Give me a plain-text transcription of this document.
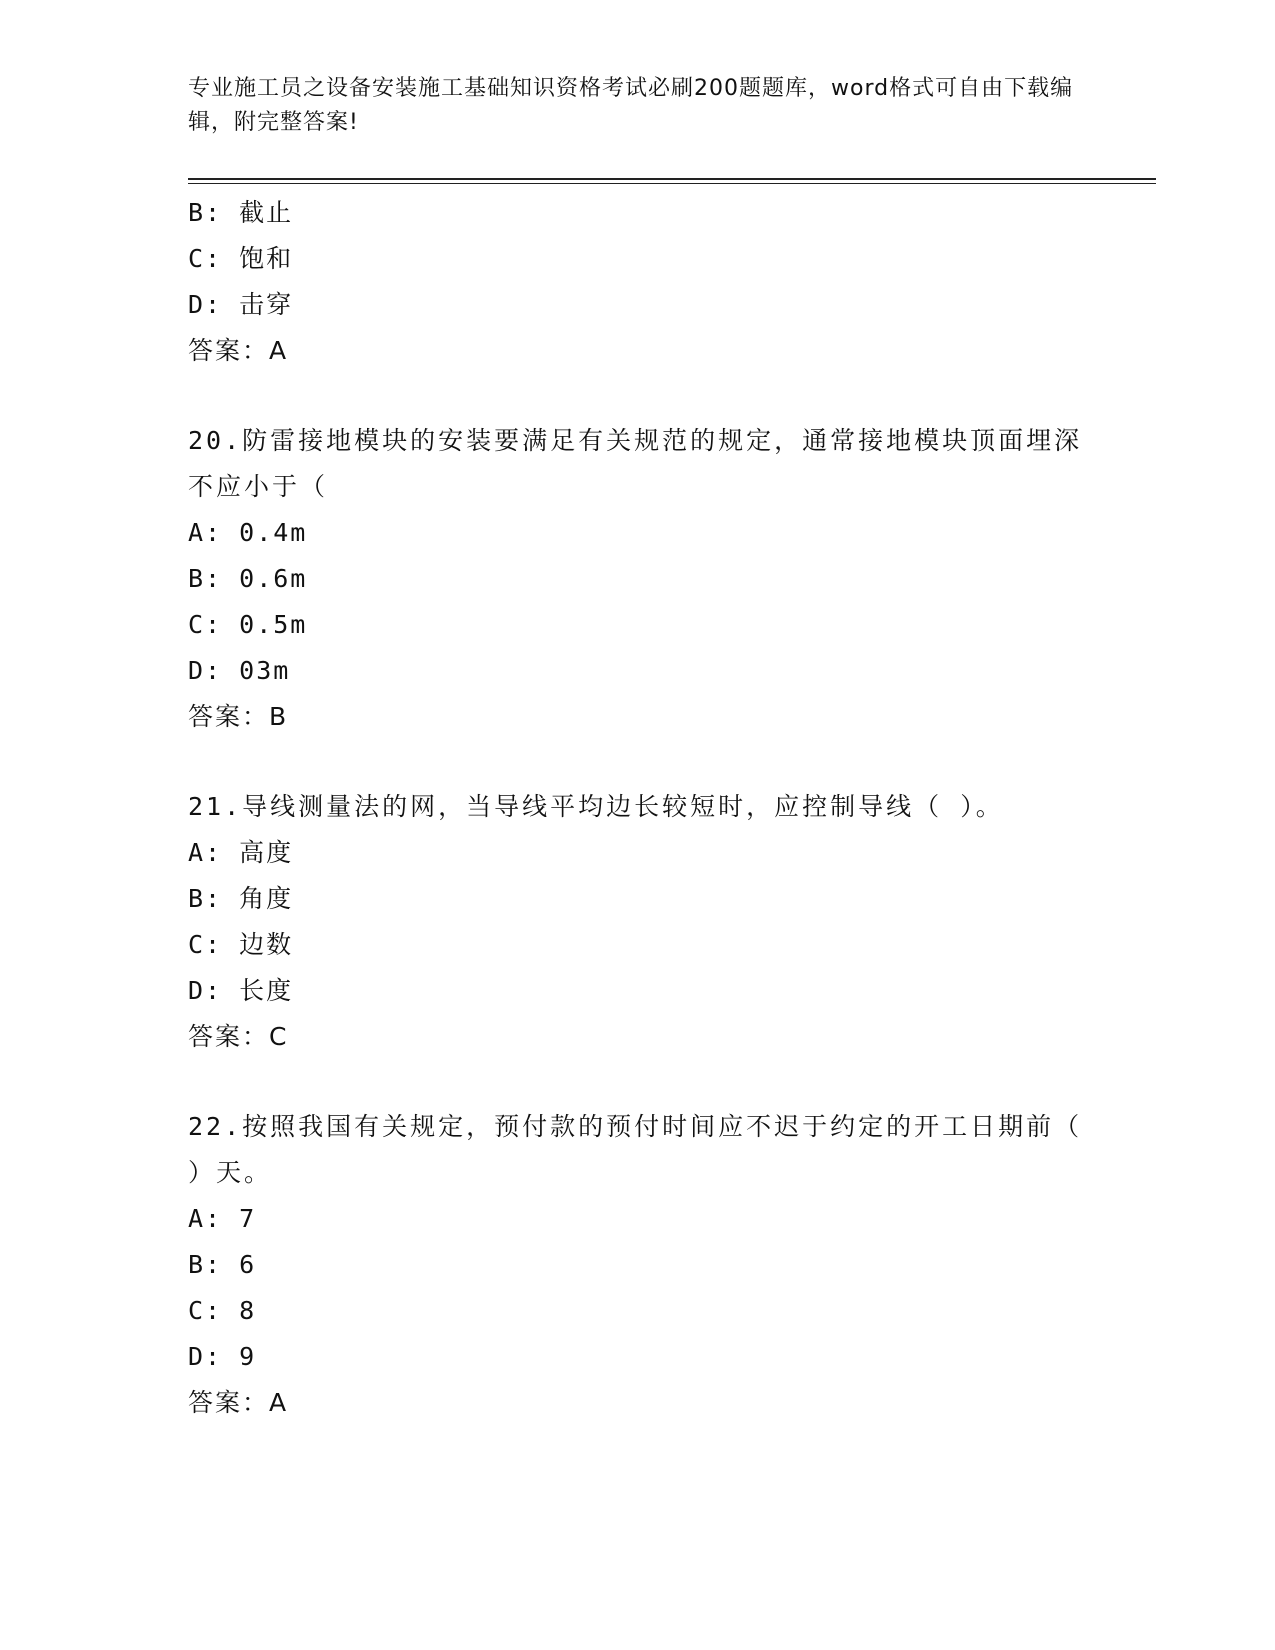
专业施工员之设备安装施工基础知识资格考试必刷200题题库，word格式可自由下载编辑，附完整答案!
B: 截止
C: 饱和
D: 击穿
答案：A
20.防雷接地模块的安装要满足有关规范的规定，通常接地模块顶面埋深不应小于（
A: 0.4m
B: 0.6m
C: 0.5m
D: 03m
答案：B
21.导线测量法的网，当导线平均边长较短时，应控制导线（ ）。
A: 高度
B: 角度
C: 边数
D: 长度
答案：C
22.按照我国有关规定，预付款的预付时间应不迟于约定的开工日期前（ ）天。
A: 7
B: 6
C: 8
D: 9
答案：A
